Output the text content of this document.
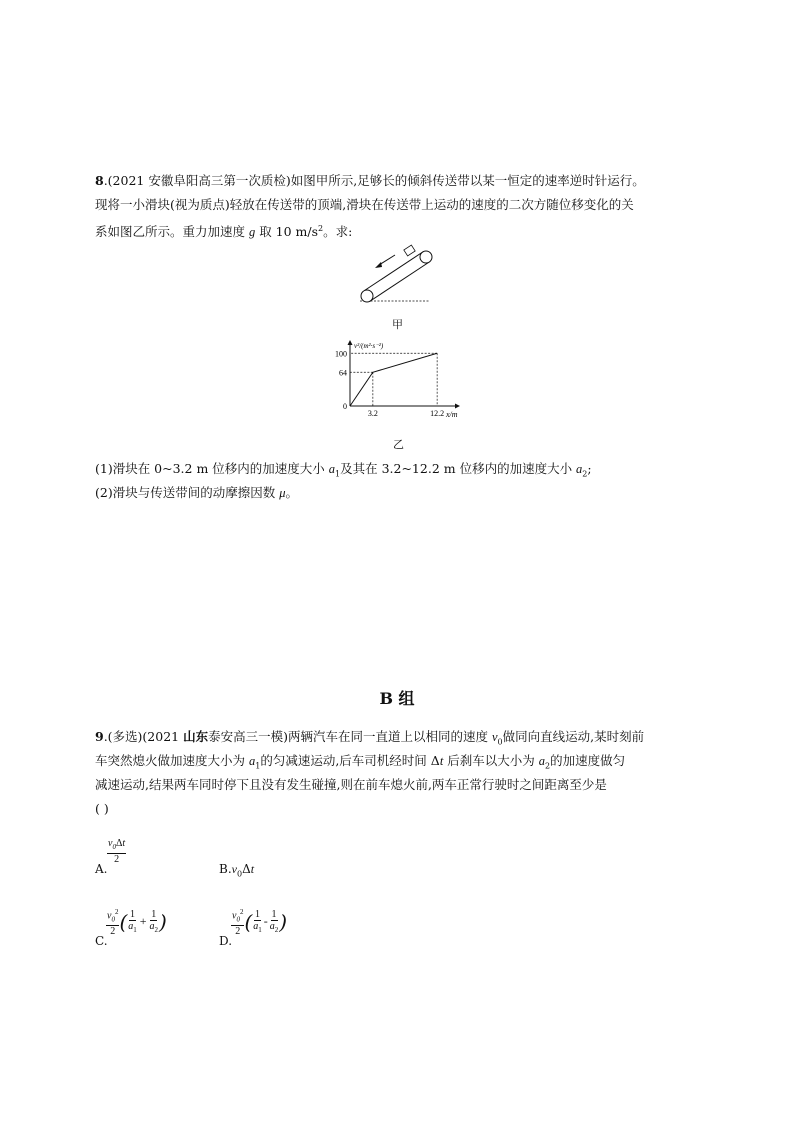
8.(2021 安徽阜阳高三第一次质检)如图甲所示,足够长的倾斜传送带以某一恒定的速率逆时针运行。
现将一小滑块(视为质点)轻放在传送带的顶端,滑块在传送带上运动的速度的二次方随位移变化的关
系如图乙所示。重力加速度 g 取 10 $m/s^2$。求:
甲
v²/(m²·s⁻²)
x/m
100
64
0
3.2	12.2
乙
(1)滑块在 0~3.2 m 位移内的加速度大小 $a_1$及其在 3.2~12.2 m 位移内的加速度大小 $a_2$;
(2)滑块与传送带间的动摩擦因数 μ。
B 组
9.(多选)(2021 山东泰安高三一模)两辆汽车在同一直道上以相同的速度 $v_0$做同向直线运动,某时刻前
车突然熄火做加速度大小为 $a_1$的匀减速运动,后车司机经时间 Δt 后刹车以大小为 $a_2$的加速度做匀
减速运动,结果两车同时停下且没有发生碰撞,则在前车熄火前,两车正常行驶时之间距离至少是
( )
$\frac{v_0\Delta t}{2}$
A.	$B.v_0\Delta t$
$\frac{v_0^2}{2}$ ( $\frac{1}{a_1} + \frac{1}{a_2}$ )
C.
$\frac{v_0^2}{2}$ ( $\frac{1}{a_1} - \frac{1}{a_2}$ )
D.
